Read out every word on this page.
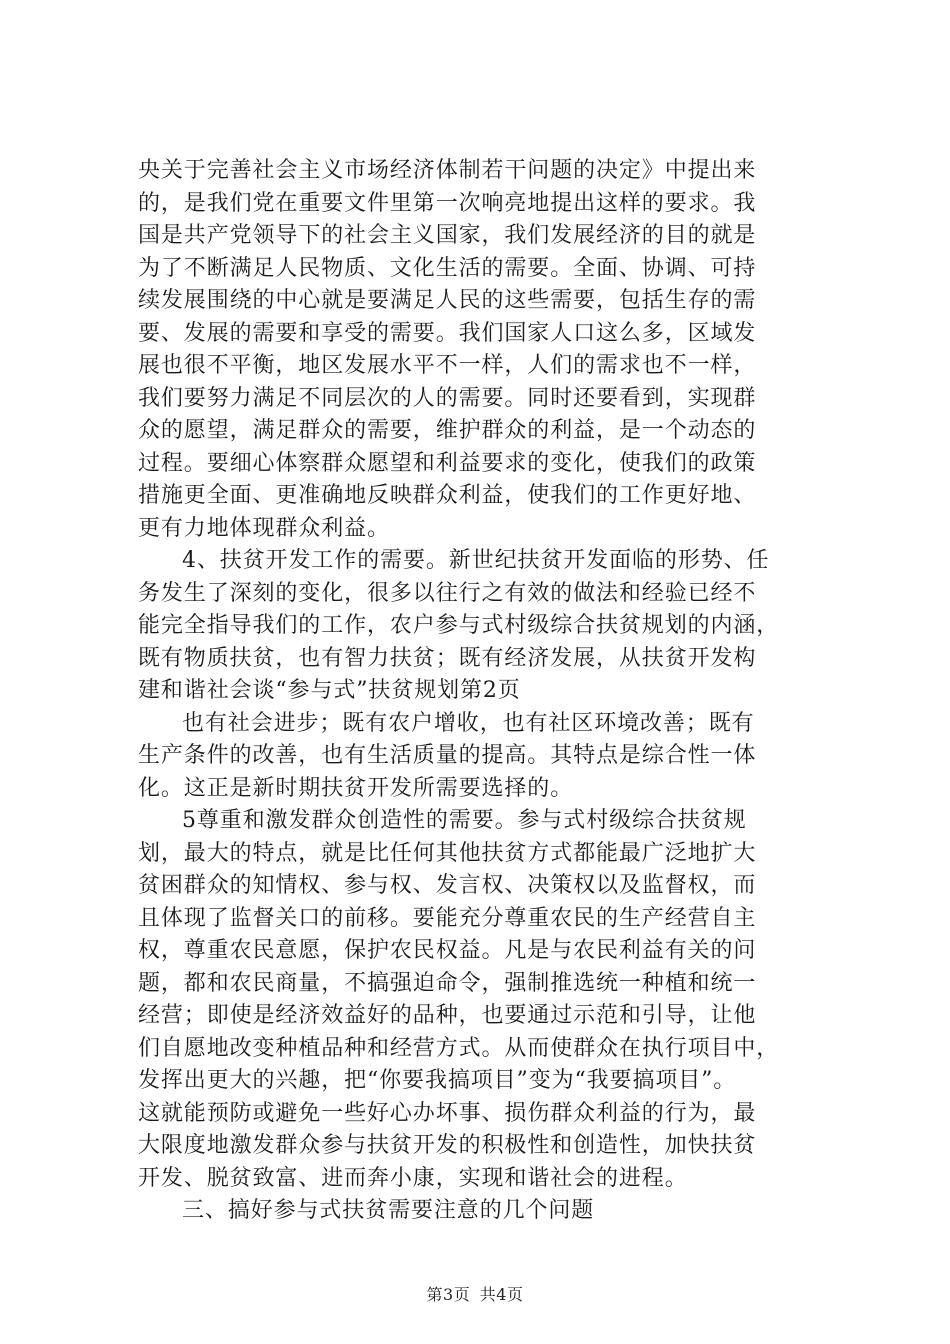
央关于完善社会主义市场经济体制若干问题的决定》中提出来
的，是我们党在重要文件里第一次响亮地提出这样的要求。我
国是共产党领导下的社会主义国家，我们发展经济的目的就是
为了不断满足人民物质、文化生活的需要。全面、协调、可持
续发展围绕的中心就是要满足人民的这些需要，包括生存的需
要、发展的需要和享受的需要。我们国家人口这么多，区域发
展也很不平衡，地区发展水平不一样，人们的需求也不一样，
我们要努力满足不同层次的人的需要。同时还要看到，实现群
众的愿望，满足群众的需要，维护群众的利益，是一个动态的
过程。要细心体察群众愿望和利益要求的变化，使我们的政策
措施更全面、更准确地反映群众利益，使我们的工作更好地、
更有力地体现群众利益。
4、扶贫开发工作的需要。新世纪扶贫开发面临的形势、任
务发生了深刻的变化，很多以往行之有效的做法和经验已经不
能完全指导我们的工作，农户参与式村级综合扶贫规划的内涵，
既有物质扶贫，也有智力扶贫；既有经济发展，从扶贫开发构
建和谐社会谈“参与式”扶贫规划第2页
也有社会进步；既有农户增收，也有社区环境改善；既有
生产条件的改善，也有生活质量的提高。其特点是综合性一体
化。这正是新时期扶贫开发所需要选择的。
5尊重和激发群众创造性的需要。参与式村级综合扶贫规
划，最大的特点，就是比任何其他扶贫方式都能最广泛地扩大
贫困群众的知情权、参与权、发言权、决策权以及监督权，而
且体现了监督关口的前移。要能充分尊重农民的生产经营自主
权，尊重农民意愿，保护农民权益。凡是与农民利益有关的问
题，都和农民商量，不搞强迫命令，强制推选统一种植和统一
经营；即使是经济效益好的品种，也要通过示范和引导，让他
们自愿地改变种植品种和经营方式。从而使群众在执行项目中，
发挥出更大的兴趣，把“你要我搞项目”变为“我要搞项目”。
这就能预防或避免一些好心办坏事、损伤群众利益的行为，最
大限度地激发群众参与扶贫开发的积极性和创造性，加快扶贫
开发、脱贫致富、进而奔小康，实现和谐社会的进程。
三、搞好参与式扶贫需要注意的几个问题
第3页 共4页
